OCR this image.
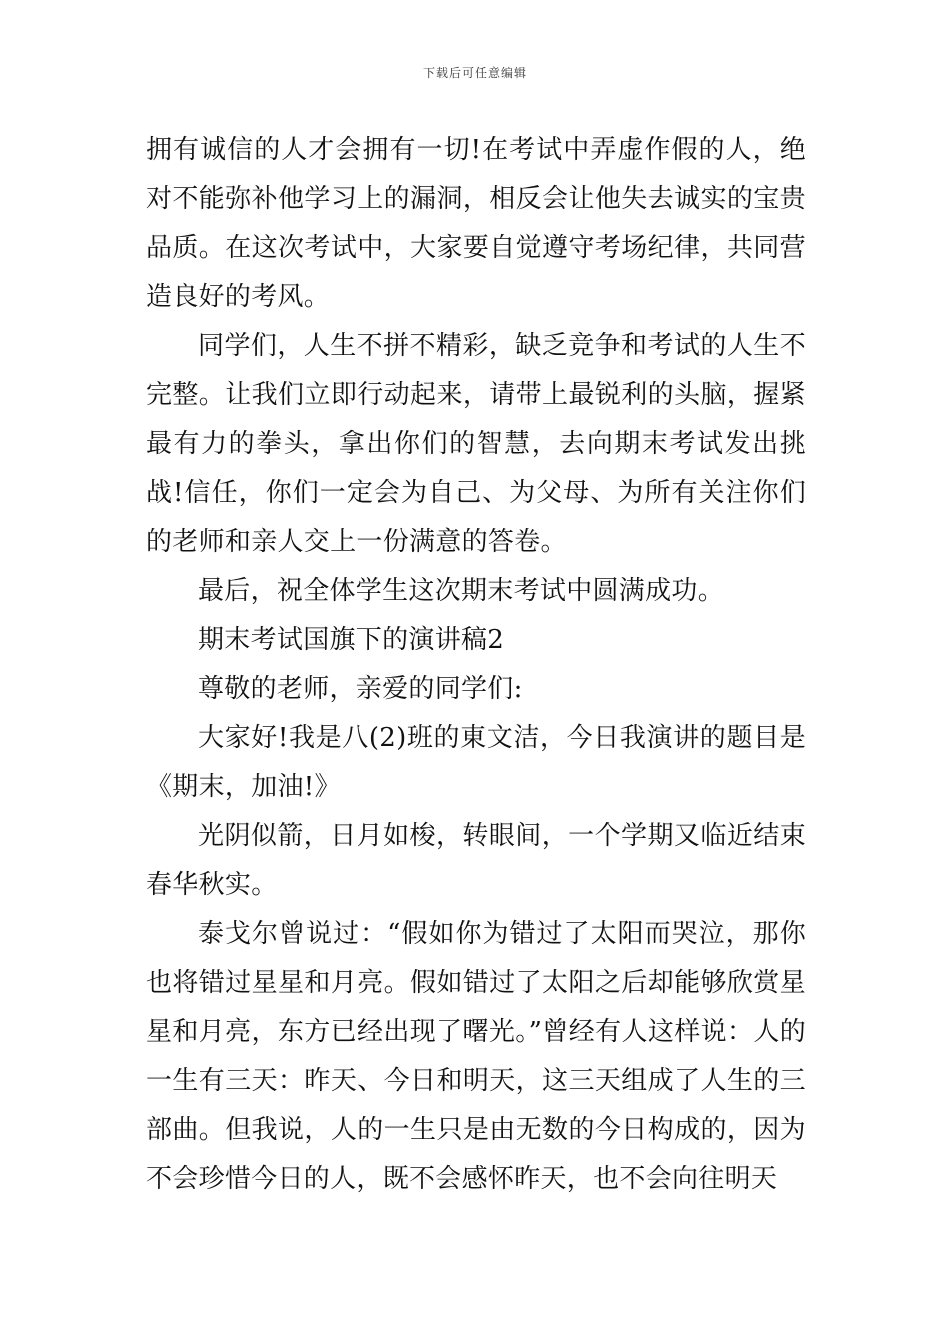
下载后可任意编辑

拥有诚信的人才会拥有一切!在考试中弄虚作假的人，绝对不能弥补他学习上的漏洞，相反会让他失去诚实的宝贵品质。在这次考试中，大家要自觉遵守考场纪律，共同营造良好的考风。

同学们，人生不拼不精彩，缺乏竞争和考试的人生不完整。让我们立即行动起来，请带上最锐利的头脑，握紧最有力的拳头，拿出你们的智慧，去向期末考试发出挑战!信任，你们一定会为自己、为父母、为所有关注你们的老师和亲人交上一份满意的答卷。

最后，祝全体学生这次期末考试中圆满成功。

期末考试国旗下的演讲稿2

尊敬的老师，亲爱的同学们:

大家好!我是八(2)班的東文洁，今日我演讲的题目是《期末，加油!》

光阴似箭，日月如梭，转眼间，一个学期又临近结束春华秋实。

泰戈尔曾说过：“假如你为错过了太阳而哭泣，那你也将错过星星和月亮。假如错过了太阳之后却能够欣赏星星和月亮，东方已经出现了曙光。”曾经有人这样说：人的一生有三天：昨天、今日和明天，这三天组成了人生的三部曲。但我说，人的一生只是由无数的今日构成的，因为不会珍惜今日的人，既不会感怀昨天，也不会向往明天
